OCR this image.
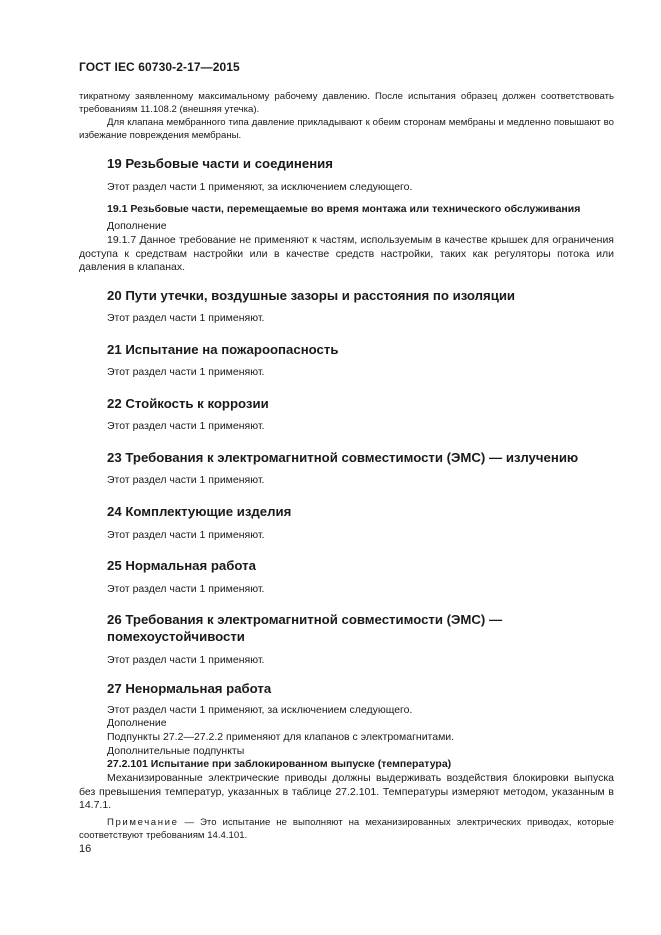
ГОСТ IEC 60730-2-17—2015
тикратному заявленному максимальному рабочему давлению. После испытания образец должен соответствовать требованиям 11.108.2 (внешняя утечка).
Для клапана мембранного типа давление прикладывают к обеим сторонам мембраны и медленно повышают во избежание повреждения мембраны.
19 Резьбовые части и соединения
Этот раздел части 1 применяют, за исключением следующего.
19.1 Резьбовые части, перемещаемые во время монтажа или технического обслуживания
Дополнение
19.1.7 Данное требование не применяют к частям, используемым в качестве крышек для ограничения доступа к средствам настройки или в качестве средств настройки, таких как регуляторы потока или давления в клапанах.
20 Пути утечки, воздушные зазоры и расстояния по изоляции
Этот раздел части 1 применяют.
21 Испытание на пожароопасность
Этот раздел части 1 применяют.
22 Стойкость к коррозии
Этот раздел части 1 применяют.
23 Требования к электромагнитной совместимости (ЭМС) — излучению
Этот раздел части 1 применяют.
24 Комплектующие изделия
Этот раздел части 1 применяют.
25 Нормальная работа
Этот раздел части 1 применяют.
26 Требования к электромагнитной совместимости (ЭМС) —
помехоустойчивости
Этот раздел части 1 применяют.
27 Ненормальная работа
Этот раздел части 1 применяют, за исключением следующего.
Дополнение
Подпункты 27.2—27.2.2 применяют для клапанов с электромагнитами.
Дополнительные подпункты
27.2.101 Испытание при заблокированном выпуске (температура)
Механизированные электрические приводы должны выдерживать воздействия блокировки выпуска без превышения температур, указанных в таблице 27.2.101. Температуры измеряют методом, указанным в 14.7.1.
Примечание — Это испытание не выполняют на механизированных электрических приводах, которые соответствуют требованиям 14.4.101.
16
